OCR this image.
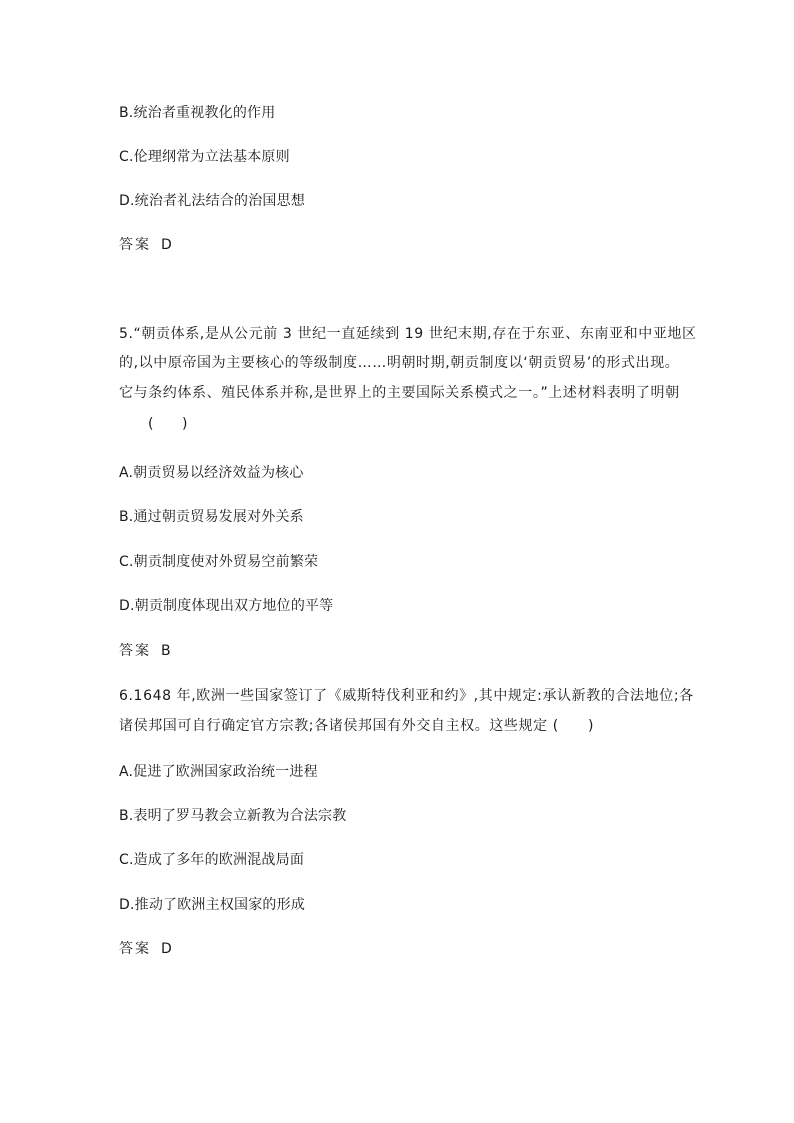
B.统治者重视教化的作用
C.伦理纲常为立法基本原则
D.统治者礼法结合的治国思想
答案 D
5.“朝贡体系,是从公元前 3 世纪一直延续到 19 世纪末期,存在于东亚、东南亚和中亚地区
的,以中原帝国为主要核心的等级制度……明朝时期,朝贡制度以‘朝贡贸易’的形式出现。
它与条约体系、殖民体系并称,是世界上的主要国际关系模式之一。”上述材料表明了明朝
(　　)
A.朝贡贸易以经济效益为核心
B.通过朝贡贸易发展对外关系
C.朝贡制度使对外贸易空前繁荣
D.朝贡制度体现出双方地位的平等
答案 B
6.1648 年,欧洲一些国家签订了《威斯特伐利亚和约》,其中规定:承认新教的合法地位;各
诸侯邦国可自行确定官方宗教;各诸侯邦国有外交自主权。这些规定 (　　)
A.促进了欧洲国家政治统一进程
B.表明了罗马教会立新教为合法宗教
C.造成了多年的欧洲混战局面
D.推动了欧洲主权国家的形成
答案 D
